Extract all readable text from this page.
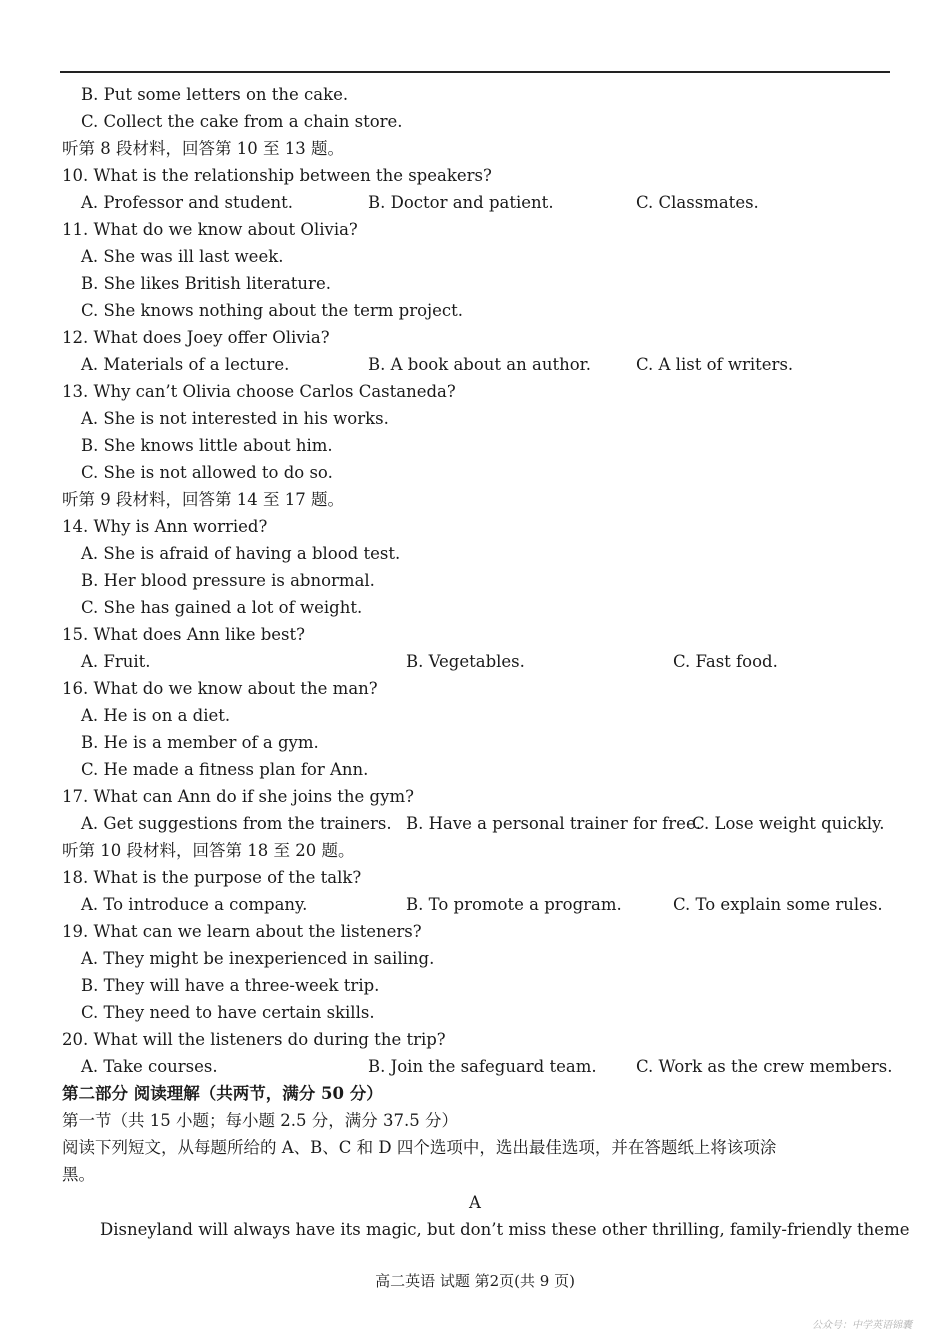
B. Put some letters on the cake.
C. Collect the cake from a chain store.
听第 8 段材料，回答第 10 至 13 题。
10. What is the relationship between the speakers?
A. Professor and student.	B. Doctor and patient.	C. Classmates.
11. What do we know about Olivia?
A. She was ill last week.
B. She likes British literature.
C. She knows nothing about the term project.
12. What does Joey offer Olivia?
A. Materials of a lecture.	B. A book about an author.	C. A list of writers.
13. Why can’t Olivia choose Carlos Castaneda?
A. She is not interested in his works.
B. She knows little about him.
C. She is not allowed to do so.
听第 9 段材料，回答第 14 至 17 题。
14. Why is Ann worried?
A. She is afraid of having a blood test.
B. Her blood pressure is abnormal.
C. She has gained a lot of weight.
15. What does Ann like best?
A. Fruit.	B. Vegetables.	C. Fast food.
16. What do we know about the man?
A. He is on a diet.
B. He is a member of a gym.
C. He made a fitness plan for Ann.
17. What can Ann do if she joins the gym?
A. Get suggestions from the trainers. B. Have a personal trainer for free.
C. Lose weight quickly.
听第 10 段材料，回答第 18 至 20 题。
18. What is the purpose of the talk?
A. To introduce a company.	B. To promote a program.	C. To explain some rules.
19. What can we learn about the listeners?
A. They might be inexperienced in sailing.
B. They will have a three-week trip.
C. They need to have certain skills.
20. What will the listeners do during the trip?
A. Take courses.	B. Join the safeguard team. C. Work as the crew members.
第二部分 阅读理解（共两节，满分 50 分）
第一节（共 15 小题；每小题 2.5 分，满分 37.5 分）
阅读下列短文，从每题所给的 A、B、C 和 D 四个选项中，选出最佳选项，并在答题纸上将该项涂
黑。
A
Disneyland will always have its magic, but don’t miss these other thrilling, family-friendly theme
高二英语 试题 第2页(共 9 页)
公众号：中学英语锦囊
